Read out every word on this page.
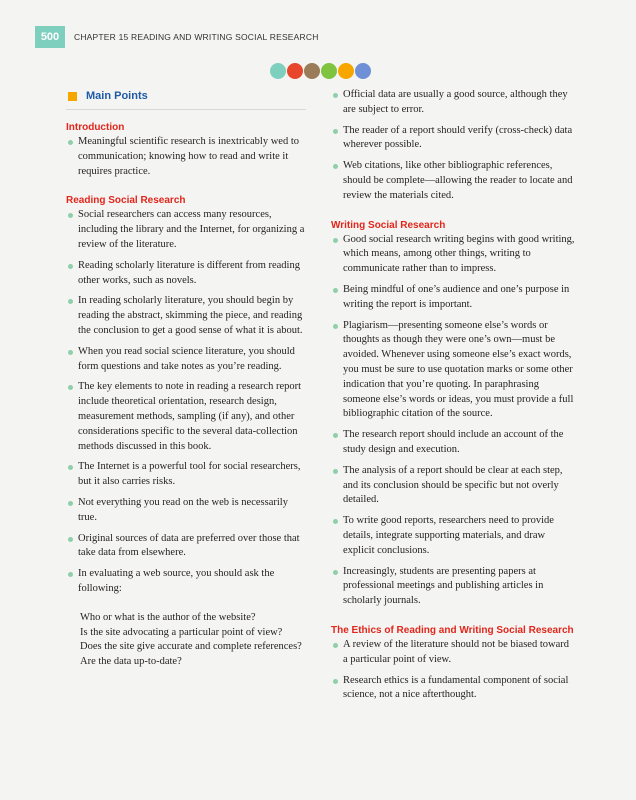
500	CHAPTER 15 READING AND WRITING SOCIAL RESEARCH
Main Points
Introduction
Meaningful scientific research is inextricably wed to communication; knowing how to read and write it requires practice.
Reading Social Research
Social researchers can access many resources, including the library and the Internet, for organizing a review of the literature.
Reading scholarly literature is different from reading other works, such as novels.
In reading scholarly literature, you should begin by reading the abstract, skimming the piece, and reading the conclusion to get a good sense of what it is about.
When you read social science literature, you should form questions and take notes as you’re reading.
The key elements to note in reading a research report include theoretical orientation, research design, measurement methods, sampling (if any), and other considerations specific to the several data-collection methods discussed in this book.
The Internet is a powerful tool for social researchers, but it also carries risks.
Not everything you read on the web is necessarily true.
Original sources of data are preferred over those that take data from elsewhere.
In evaluating a web source, you should ask the following:
Who or what is the author of the website?
Is the site advocating a particular point of view?
Does the site give accurate and complete references?
Are the data up-to-date?
Official data are usually a good source, although they are subject to error.
The reader of a report should verify (cross-check) data wherever possible.
Web citations, like other bibliographic references, should be complete—allowing the reader to locate and review the materials cited.
Writing Social Research
Good social research writing begins with good writing, which means, among other things, writing to communicate rather than to impress.
Being mindful of one’s audience and one’s purpose in writing the report is important.
Plagiarism—presenting someone else’s words or thoughts as though they were one’s own—must be avoided. Whenever using someone else’s exact words, you must be sure to use quotation marks or some other indication that you’re quoting. In paraphrasing someone else’s words or ideas, you must provide a full bibliographic citation of the source.
The research report should include an account of the study design and execution.
The analysis of a report should be clear at each step, and its conclusion should be specific but not overly detailed.
To write good reports, researchers need to provide details, integrate supporting materials, and draw explicit conclusions.
Increasingly, students are presenting papers at professional meetings and publishing articles in scholarly journals.
The Ethics of Reading and Writing Social Research
A review of the literature should not be biased toward a particular point of view.
Research ethics is a fundamental component of social science, not a nice afterthought.
